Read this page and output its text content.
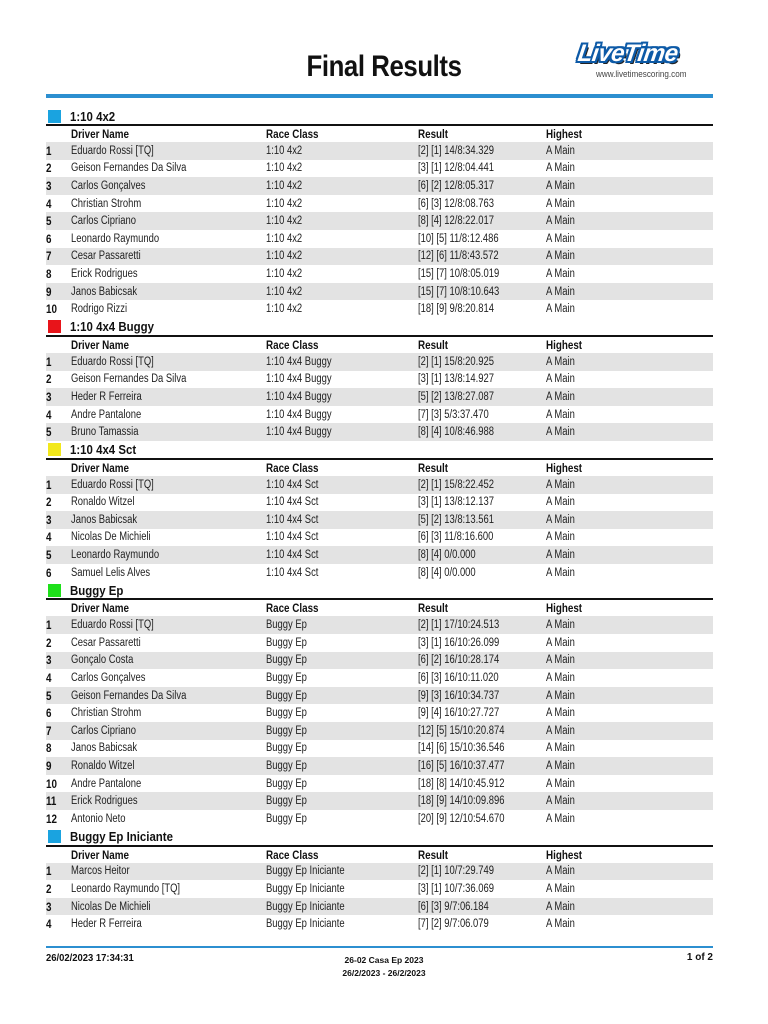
Final Results	LiveTime
www.livetimescoring.com
1:10 4x2
Driver Name	Race Class	Result	Highest
1 Eduardo Rossi [TQ]	1:10 4x2	[2] [1] 14/8:34.329	A Main
2 Geison Fernandes Da Silva	1:10 4x2	[3] [1] 12/8:04.441	A Main
3 Carlos Gonçalves	1:10 4x2	[6] [2] 12/8:05.317	A Main
4 Christian Strohm	1:10 4x2	[6] [3] 12/8:08.763	A Main
5 Carlos Cipriano	1:10 4x2	[8] [4] 12/8:22.017	A Main
6 Leonardo Raymundo	1:10 4x2	[10] [5] 11/8:12.486	A Main
7 Cesar Passaretti	1:10 4x2	[12] [6] 11/8:43.572	A Main
8 Erick Rodrigues	1:10 4x2	[15] [7] 10/8:05.019	A Main
9 Janos Babicsak	1:10 4x2	[15] [7] 10/8:10.643	A Main
10 Rodrigo Rizzi	1:10 4x2	[18] [9] 9/8:20.814	A Main
1:10 4x4 Buggy
Driver Name	Race Class	Result	Highest
1 Eduardo Rossi [TQ]	1:10 4x4 Buggy	[2] [1] 15/8:20.925	A Main
2 Geison Fernandes Da Silva	1:10 4x4 Buggy	[3] [1] 13/8:14.927	A Main
3 Heder R Ferreira	1:10 4x4 Buggy	[5] [2] 13/8:27.087	A Main
4 Andre Pantalone	1:10 4x4 Buggy	[7] [3] 5/3:37.470	A Main
5 Bruno Tamassia	1:10 4x4 Buggy	[8] [4] 10/8:46.988	A Main
1:10 4x4 Sct
Driver Name	Race Class	Result	Highest
1 Eduardo Rossi [TQ]	1:10 4x4 Sct	[2] [1] 15/8:22.452	A Main
2 Ronaldo Witzel	1:10 4x4 Sct	[3] [1] 13/8:12.137	A Main
3 Janos Babicsak	1:10 4x4 Sct	[5] [2] 13/8:13.561	A Main
4 Nicolas De Michieli	1:10 4x4 Sct	[6] [3] 11/8:16.600	A Main
5 Leonardo Raymundo	1:10 4x4 Sct	[8] [4] 0/0.000	A Main
6 Samuel Lelis Alves	1:10 4x4 Sct	[8] [4] 0/0.000	A Main
Buggy Ep
Driver Name	Race Class	Result	Highest
1 Eduardo Rossi [TQ]	Buggy Ep	[2] [1] 17/10:24.513	A Main
2 Cesar Passaretti	Buggy Ep	[3] [1] 16/10:26.099	A Main
3 Gonçalo Costa	Buggy Ep	[6] [2] 16/10:28.174	A Main
4 Carlos Gonçalves	Buggy Ep	[6] [3] 16/10:11.020	A Main
5 Geison Fernandes Da Silva	Buggy Ep	[9] [3] 16/10:34.737	A Main
6 Christian Strohm	Buggy Ep	[9] [4] 16/10:27.727	A Main
7 Carlos Cipriano	Buggy Ep	[12] [5] 15/10:20.874	A Main
8 Janos Babicsak	Buggy Ep	[14] [6] 15/10:36.546	A Main
9 Ronaldo Witzel	Buggy Ep	[16] [5] 16/10:37.477	A Main
10 Andre Pantalone	Buggy Ep	[18] [8] 14/10:45.912	A Main
11 Erick Rodrigues	Buggy Ep	[18] [9] 14/10:09.896	A Main
12 Antonio Neto	Buggy Ep	[20] [9] 12/10:54.670	A Main
Buggy Ep Iniciante
Driver Name	Race Class	Result	Highest
1 Marcos Heitor	Buggy Ep Iniciante	[2] [1] 10/7:29.749	A Main
2 Leonardo Raymundo [TQ]	Buggy Ep Iniciante	[3] [1] 10/7:36.069	A Main
3 Nicolas De Michieli	Buggy Ep Iniciante	[6] [3] 9/7:06.184	A Main
4 Heder R Ferreira	Buggy Ep Iniciante	[7] [2] 9/7:06.079	A Main
26/02/2023 17:34:31	26-02 Casa Ep 2023
26/2/2023 - 26/2/2023
1 of 2
